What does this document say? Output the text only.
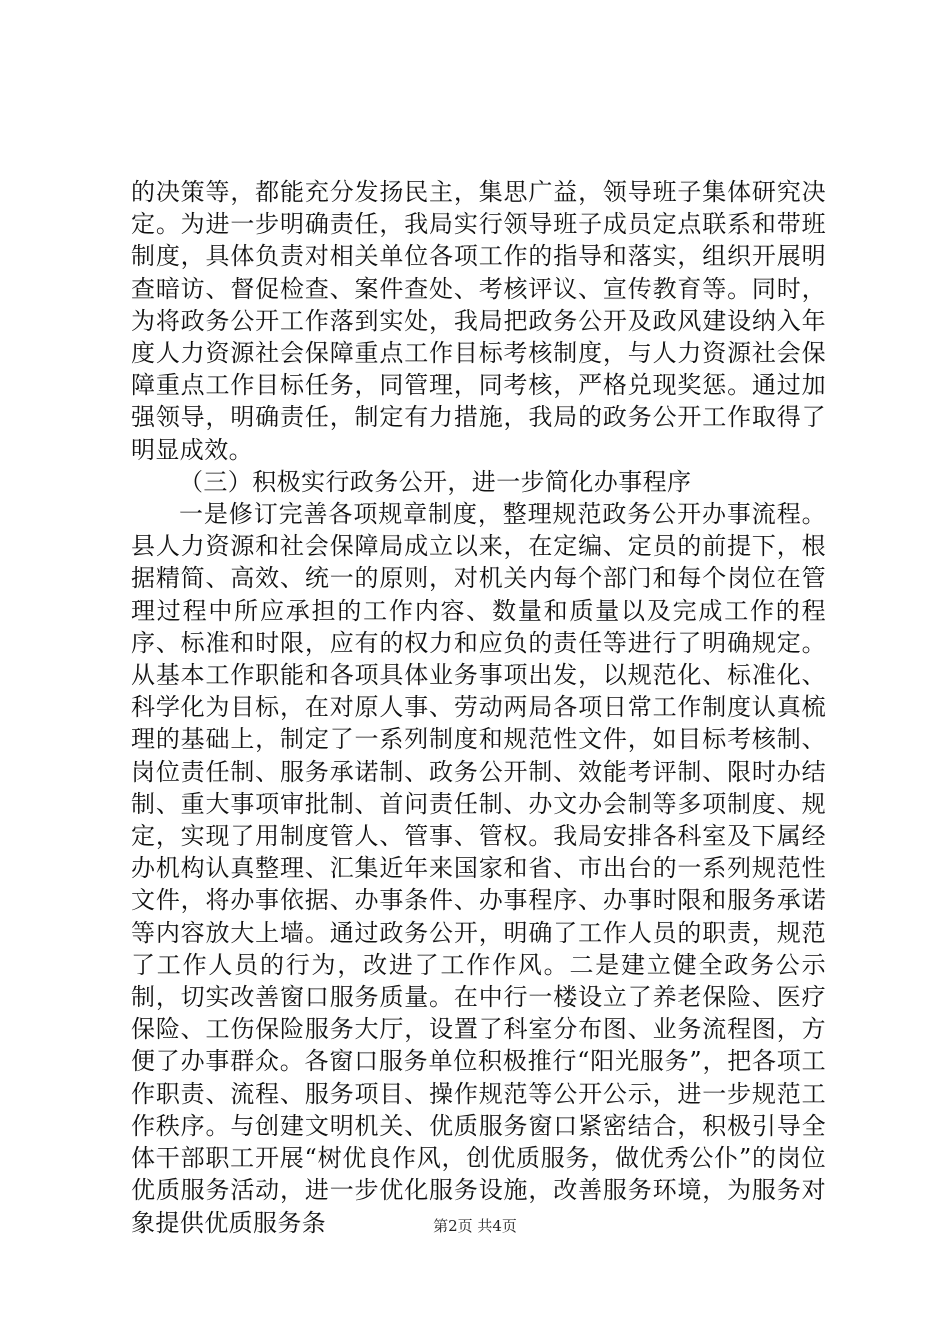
的决策等，都能充分发扬民主，集思广益，领导班子集体研究决定。为进一步明确责任，我局实行领导班子成员定点联系和带班制度，具体负责对相关单位各项工作的指导和落实，组织开展明查暗访、督促检查、案件查处、考核评议、宣传教育等。同时，为将政务公开工作落到实处，我局把政务公开及政风建设纳入年度人力资源社会保障重点工作目标考核制度，与人力资源社会保障重点工作目标任务，同管理，同考核，严格兑现奖惩。通过加强领导，明确责任，制定有力措施，我局的政务公开工作取得了明显成效。

（三）积极实行政务公开，进一步简化办事程序

一是修订完善各项规章制度，整理规范政务公开办事流程。县人力资源和社会保障局成立以来，在定编、定员的前提下，根据精简、高效、统一的原则，对机关内每个部门和每个岗位在管理过程中所应承担的工作内容、数量和质量以及完成工作的程序、标准和时限，应有的权力和应负的责任等进行了明确规定。从基本工作职能和各项具体业务事项出发，以规范化、标准化、科学化为目标，在对原人事、劳动两局各项日常工作制度认真梳理的基础上，制定了一系列制度和规范性文件，如目标考核制、岗位责任制、服务承诺制、政务公开制、效能考评制、限时办结制、重大事项审批制、首问责任制、办文办会制等多项制度、规定，实现了用制度管人、管事、管权。我局安排各科室及下属经办机构认真整理、汇集近年来国家和省、市出台的一系列规范性文件，将办事依据、办事条件、办事程序、办事时限和服务承诺等内容放大上墙。通过政务公开，明确了工作人员的职责，规范了工作人员的行为，改进了工作作风。二是建立健全政务公示制，切实改善窗口服务质量。在中行一楼设立了养老保险、医疗保险、工伤保险服务大厅，设置了科室分布图、业务流程图，方便了办事群众。各窗口服务单位积极推行“阳光服务”，把各项工作职责、流程、服务项目、操作规范等公开公示，进一步规范工作秩序。与创建文明机关、优质服务窗口紧密结合，积极引导全体干部职工开展“树优良作风，创优质服务，做优秀公仆”的岗位优质服务活动，进一步优化服务设施，改善服务环境，为服务对象提供优质服务条	第2页 共4页
